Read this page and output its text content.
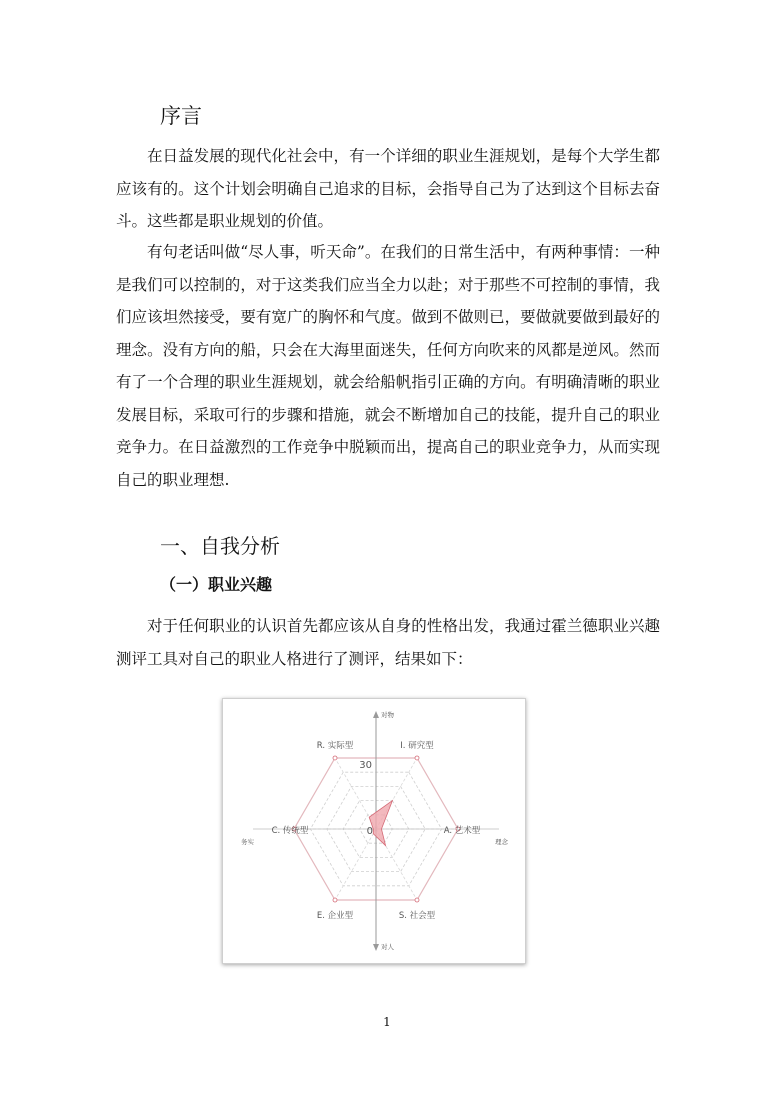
序言

在日益发展的现代化社会中，有一个详细的职业生涯规划，是每个大学生都应该有的。这个计划会明确自己追求的目标，会指导自己为了达到这个目标去奋斗。这些都是职业规划的价值。

有句老话叫做“尽人事，听天命”。在我们的日常生活中，有两种事情：一种是我们可以控制的，对于这类我们应当全力以赴；对于那些不可控制的事情，我们应该坦然接受，要有宽广的胸怀和气度。做到不做则已，要做就要做到最好的理念。没有方向的船，只会在大海里面迷失，任何方向吹来的风都是逆风。然而有了一个合理的职业生涯规划，就会给船帆指引正确的方向。有明确清晰的职业发展目标，采取可行的步骤和措施，就会不断增加自己的技能，提升自己的职业竞争力。在日益激烈的工作竞争中脱颖而出，提高自己的职业竞争力，从而实现自己的职业理想.

一、自我分析
（一）职业兴趣

对于任何职业的认识首先都应该从自身的性格出发，我通过霍兰德职业兴趣测评工具对自己的职业人格进行了测评，结果如下：

I. 研究型
A. 艺术型
S. 社会型
E. 企业型
C. 传统型
R. 实际型
30
0
对物
对人
务实	理念
1
